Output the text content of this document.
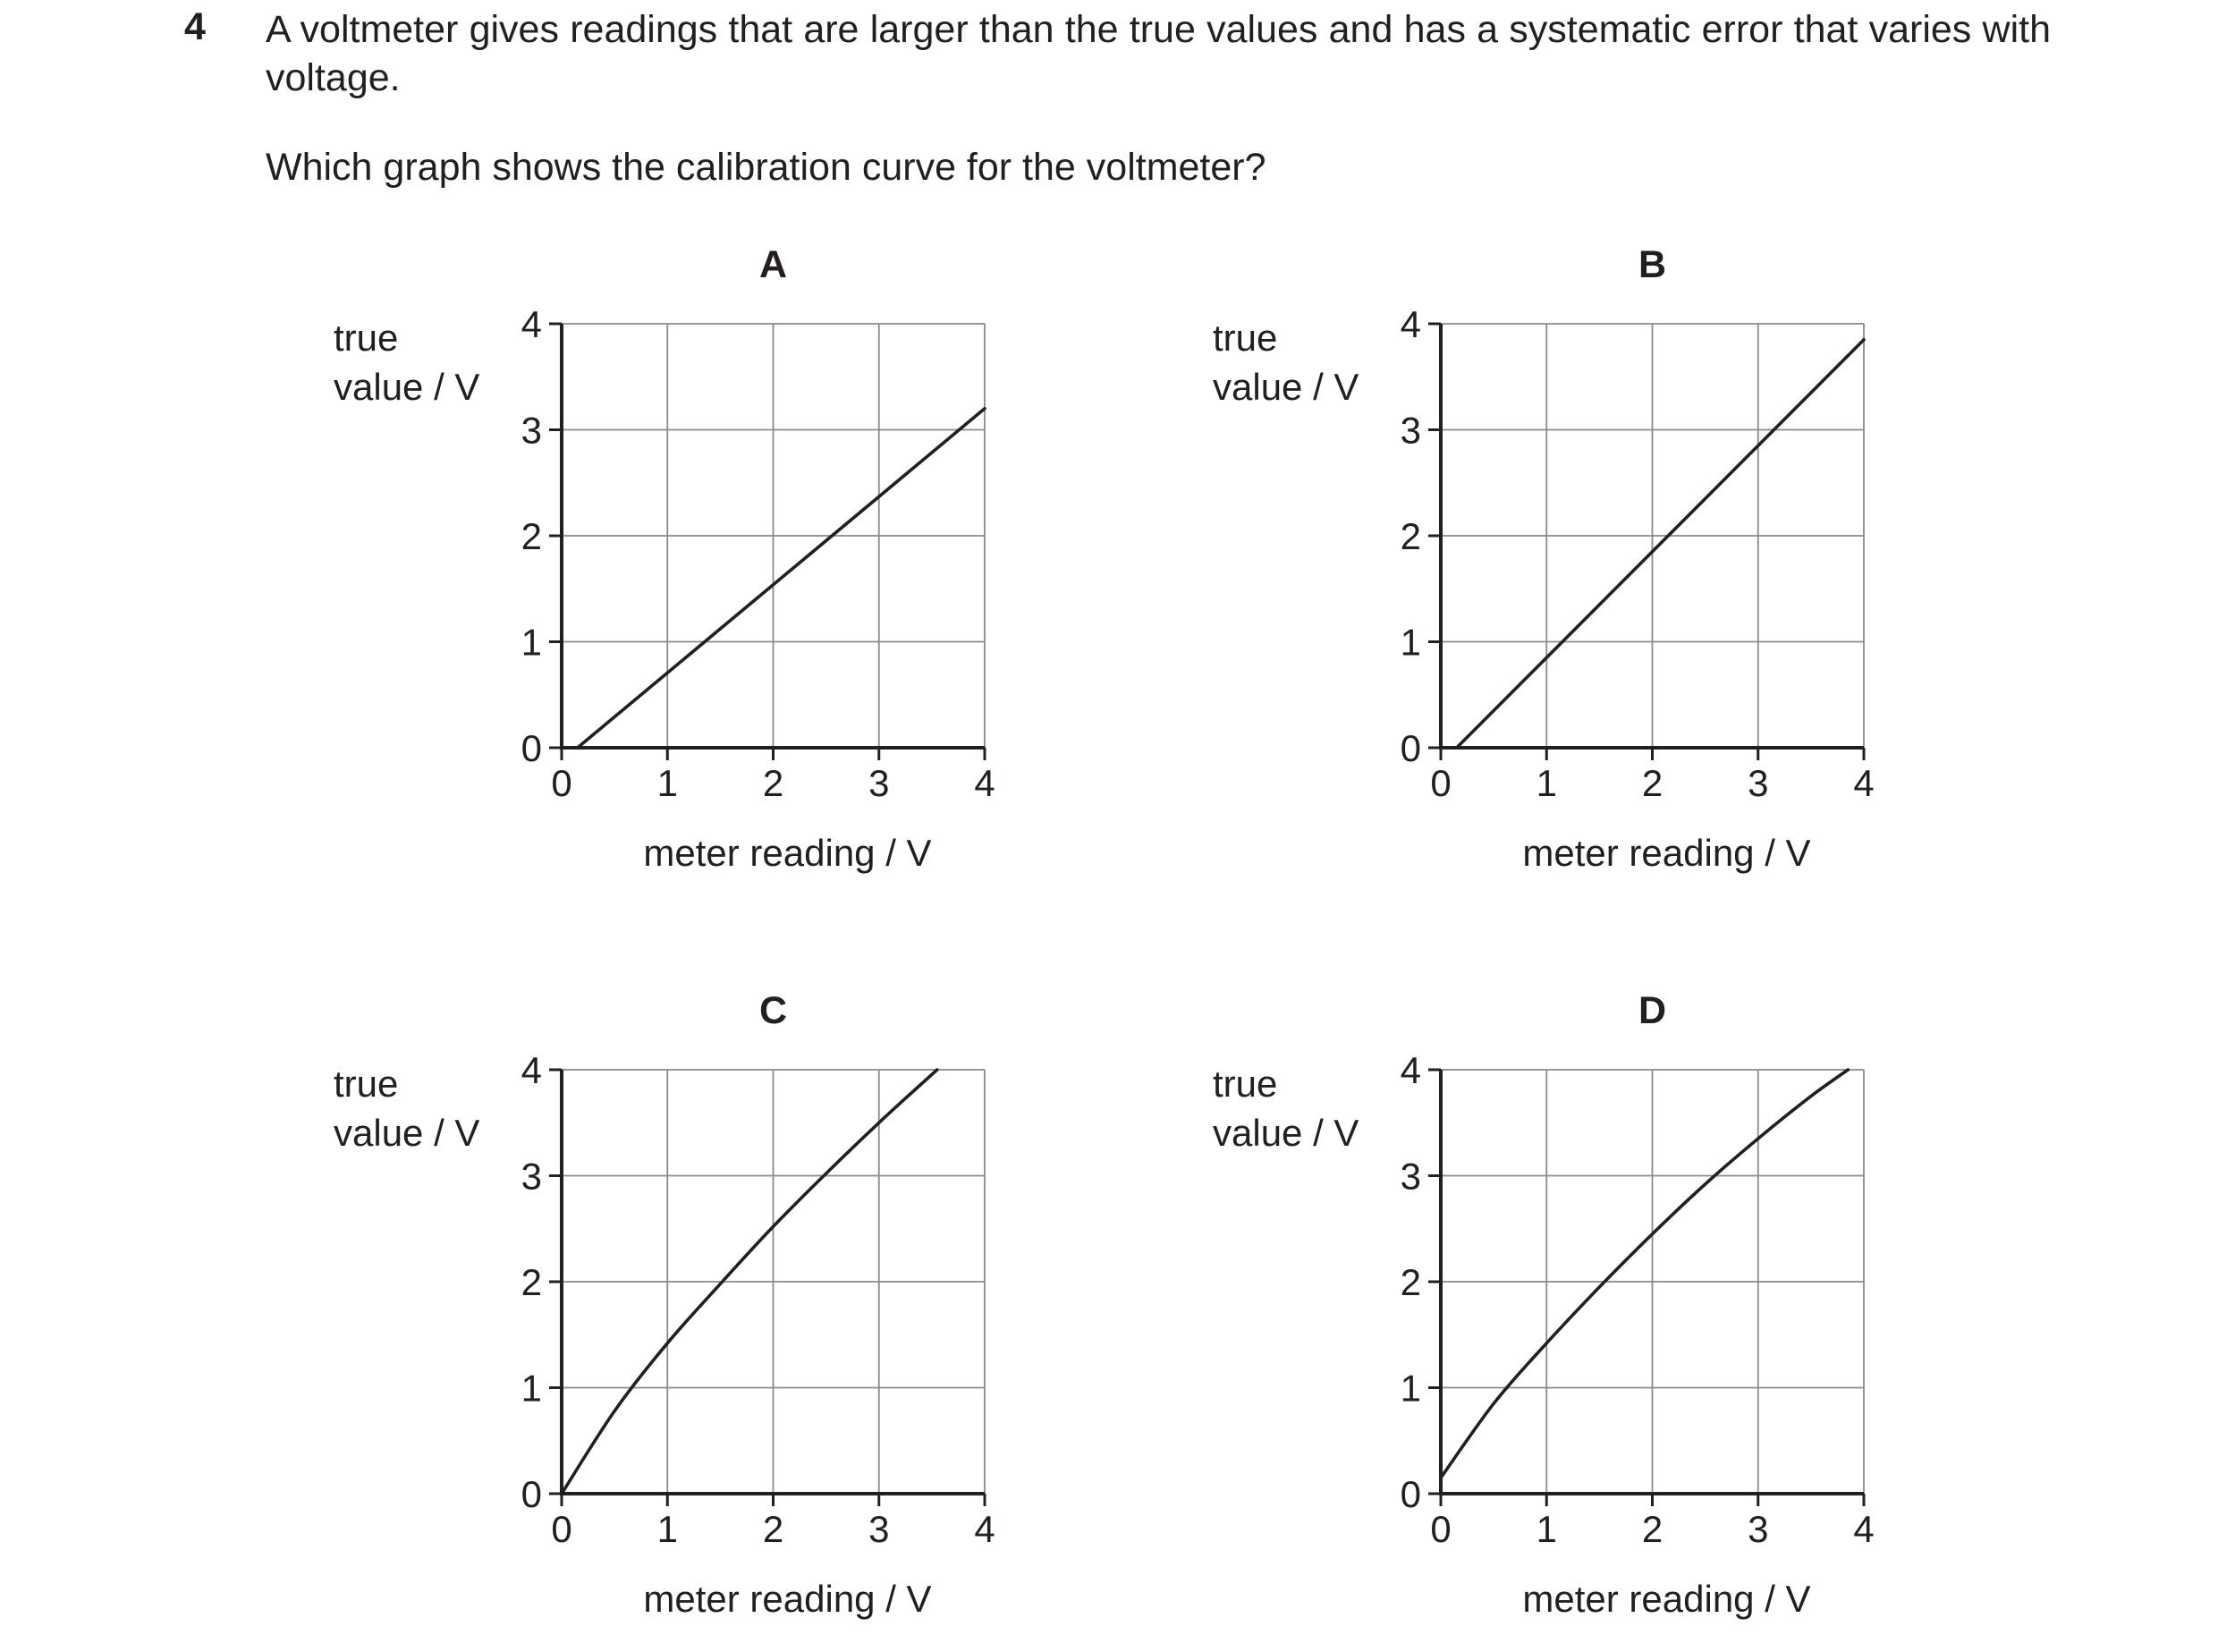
4 A voltmeter gives readings that are larger than the true values and has a systematic error that varies with voltage.

Which graph shows the calibration curve for the voltmeter?

A
0 1 2 3 4
0
1
2
3
4
meter reading / V
true value / V
B
0 1 2 3 4
0
1
2
3
4
meter reading / V
true value / V
C
0 1 2 3 4
0
1
2
3
4
meter reading / V
true value / V
D
0 1 2 3 4
0
1
2
3
4
meter reading / V
true value / V
